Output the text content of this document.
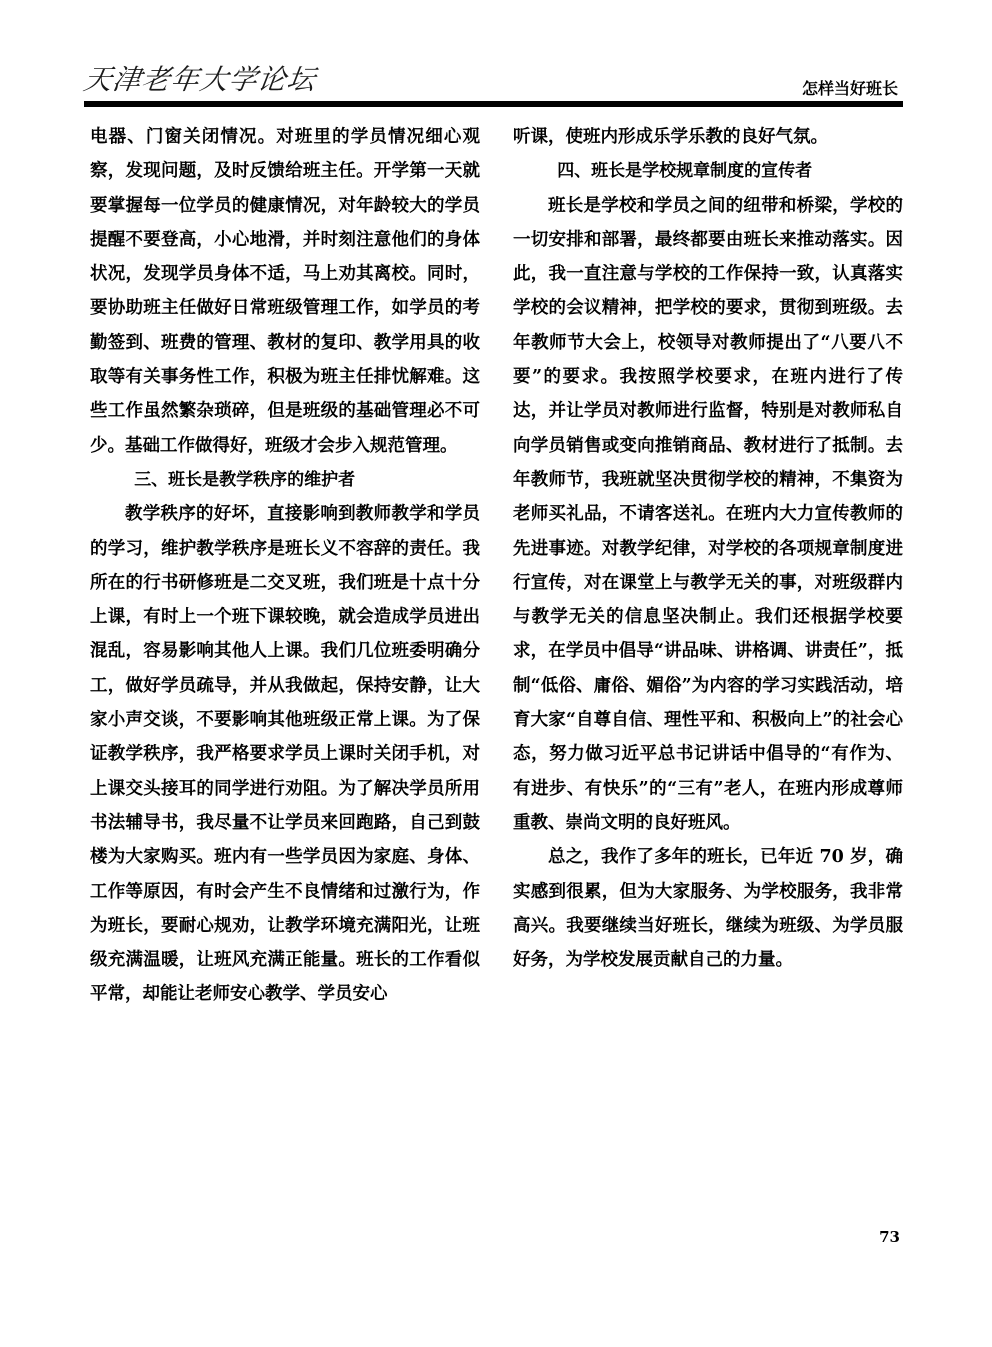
天津老年大学论坛	怎样当好班长

电器、门窗关闭情况。对班里的学员情况细心观察，发现问题，及时反馈给班主任。开学第一天就要掌握每一位学员的健康情况，对年龄较大的学员提醒不要登高，小心地滑，并时刻注意他们的身体状况，发现学员身体不适，马上劝其离校。同时，要协助班主任做好日常班级管理工作，如学员的考勤签到、班费的管理、教材的复印、教学用具的收取等有关事务性工作，积极为班主任排忧解难。这些工作虽然繁杂琐碎，但是班级的基础管理必不可少。基础工作做得好，班级才会步入规范管理。

三、班长是教学秩序的维护者

教学秩序的好坏，直接影响到教师教学和学员的学习，维护教学秩序是班长义不容辞的责任。我所在的行书研修班是二交叉班，我们班是十点十分上课，有时上一个班下课较晚，就会造成学员进出混乱，容易影响其他人上课。我们几位班委明确分工，做好学员疏导，并从我做起，保持安静，让大家小声交谈，不要影响其他班级正常上课。为了保证教学秩序，我严格要求学员上课时关闭手机，对上课交头接耳的同学进行劝阻。为了解决学员所用书法辅导书，我尽量不让学员来回跑路，自己到鼓楼为大家购买。班内有一些学员因为家庭、身体、工作等原因，有时会产生不良情绪和过激行为，作为班长，要耐心规劝，让教学环境充满阳光，让班级充满温暖，让班风充满正能量。班长的工作看似平常，却能让老师安心教学、学员安心

听课，使班内形成乐学乐教的良好气氛。

四、班长是学校规章制度的宣传者

班长是学校和学员之间的纽带和桥梁，学校的一切安排和部署，最终都要由班长来推动落实。因此，我一直注意与学校的工作保持一致，认真落实学校的会议精神，把学校的要求，贯彻到班级。去年教师节大会上，校领导对教师提出了“八要八不要”的要求。我按照学校要求，在班内进行了传达，并让学员对教师进行监督，特别是对教师私自向学员销售或变向推销商品、教材进行了抵制。去年教师节，我班就坚决贯彻学校的精神，不集资为老师买礼品，不请客送礼。在班内大力宣传教师的先进事迹。对教学纪律，对学校的各项规章制度进行宣传，对在课堂上与教学无关的事，对班级群内与教学无关的信息坚决制止。我们还根据学校要求，在学员中倡导“讲品味、讲格调、讲责任”，抵制“低俗、庸俗、媚俗”为内容的学习实践活动，培育大家“自尊自信、理性平和、积极向上”的社会心态，努力做习近平总书记讲话中倡导的“有作为、有进步、有快乐”的“三有”老人，在班内形成尊师重教、崇尚文明的良好班风。

总之，我作了多年的班长，已年近 70 岁，确实感到很累，但为大家服务、为学校服务，我非常高兴。我要继续当好班长，继续为班级、为学员服好务，为学校发展贡献自己的力量。

73
